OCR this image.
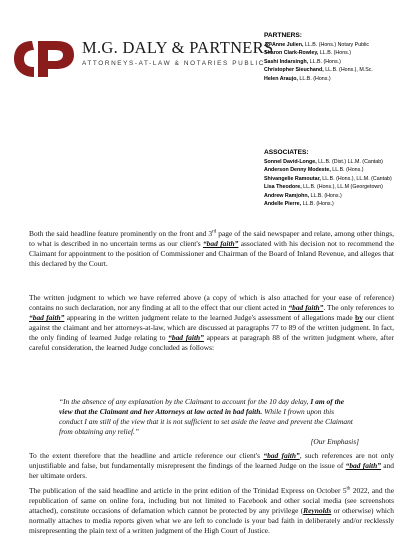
M.G. DALY & PARTNERS
ATTORNEYS-AT-LAW & NOTARIES PUBLIC
PARTNERS:
Jo-Anne Julien, LL.B. (Hons.) Notary Public
Sharon Clark-Rowley, LL.B. (Hons.)
Sashi Indarsingh, LL.B. (Hons.)
Christopher Sieuchand, LL.B. (Hons.), M.Sc.
Helen Araujo, LL.B. (Hons.)
ASSOCIATES:
Sonnel David-Longe, LL.B. (Dist.) LL.M. (Cantab)
Anderson Denny Modeste, LL.B. (Hons.)
Shivangelie Ramoutar, LL.B. (Hons.), LL.M. (Cantab)
Lisa Theodore, LL.B. (Hons.), LL.M (Georgetown)
Andrew Ramjohn, LL.B. (Hons.)
Andelle Pierre, LL.B. (Hons.)

Both the said headline feature prominently on the front and 3rd page of the said newspaper and relate, among other things, to what is described in no uncertain terms as our client's “bad faith” associated with his decision not to recommend the Claimant for appointment to the position of Commissioner and Chairman of the Board of Inland Revenue, and alleges that this declared by the Court.

The written judgment to which we have referred above (a copy of which is also attached for your ease of reference) contains no such declaration, nor any finding at all to the effect that our client acted in “bad faith”. The only references to “bad faith” appearing in the written judgment relate to the learned Judge's assessment of allegations made by our client against the claimant and her attorneys-at-law, which are discussed at paragraphs 77 to 89 of the written judgment. In fact, the only finding of learned Judge relating to “bad faith” appears at paragraph 88 of the written judgment where, after careful consideration, the learned Judge concluded as follows:

“In the absence of any explanation by the Claimant to account for the 10 day delay, I am of the view that the Claimant and her Attorneys at law acted in bad faith. While I frown upon this conduct I am still of the view that it is not sufficient to set aside the leave and prevent the Claimant from obtaining any relief.”
[Our Emphasis]

To the extent therefore that the headline and article reference our client's “bad faith”, such references are not only unjustifiable and false, but fundamentally misrepresent the findings of the learned Judge on the issue of “bad faith” and her ultimate orders.

The publication of the said headline and article in the print edition of the Trinidad Express on October 5th 2022, and the republication of same on online fora, including but not limited to Facebook and other social media (see screenshots attached), constitute occasions of defamation which cannot be protected by any privilege (Reynolds or otherwise) which normally attaches to media reports given what we are left to conclude is your bad faith in deliberately and/or recklessly misrepresenting the plain text of a written judgment of the High Court of Justice.
